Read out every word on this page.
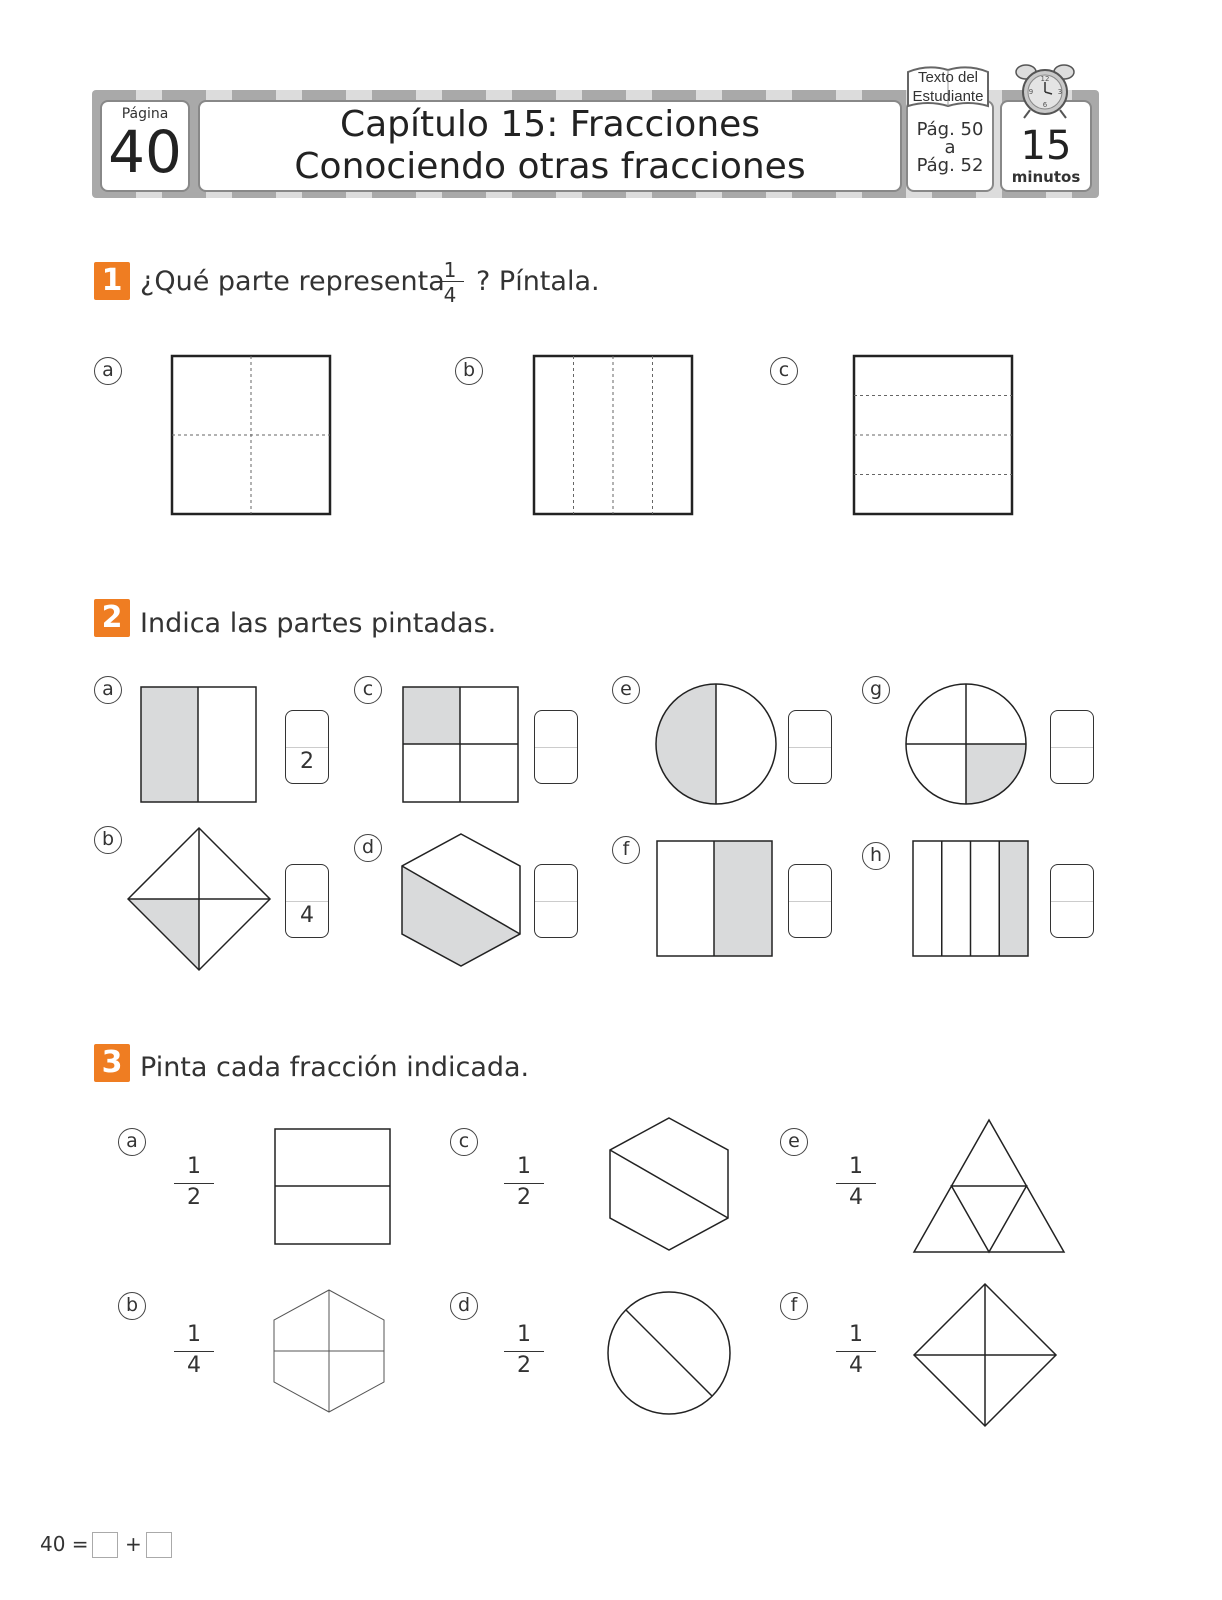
Página
40	Capítulo 15: Fracciones
Conociendo otras fracciones
Pág. 50
a
Pág. 52
Texto del
Estudiante
15
minutos
12
3
6
9
1 ¿Qué parte representa
1
4 ? Píntala.
a	b	c
2 Indica las partes pintadas.
a
b
c
d
e
f
g
h
2
4
3 Pinta cada fracción indicada.
a
b
c
d
e
f
1
2
1
4
1
2
1
2
1
4
1
4
40 = +
